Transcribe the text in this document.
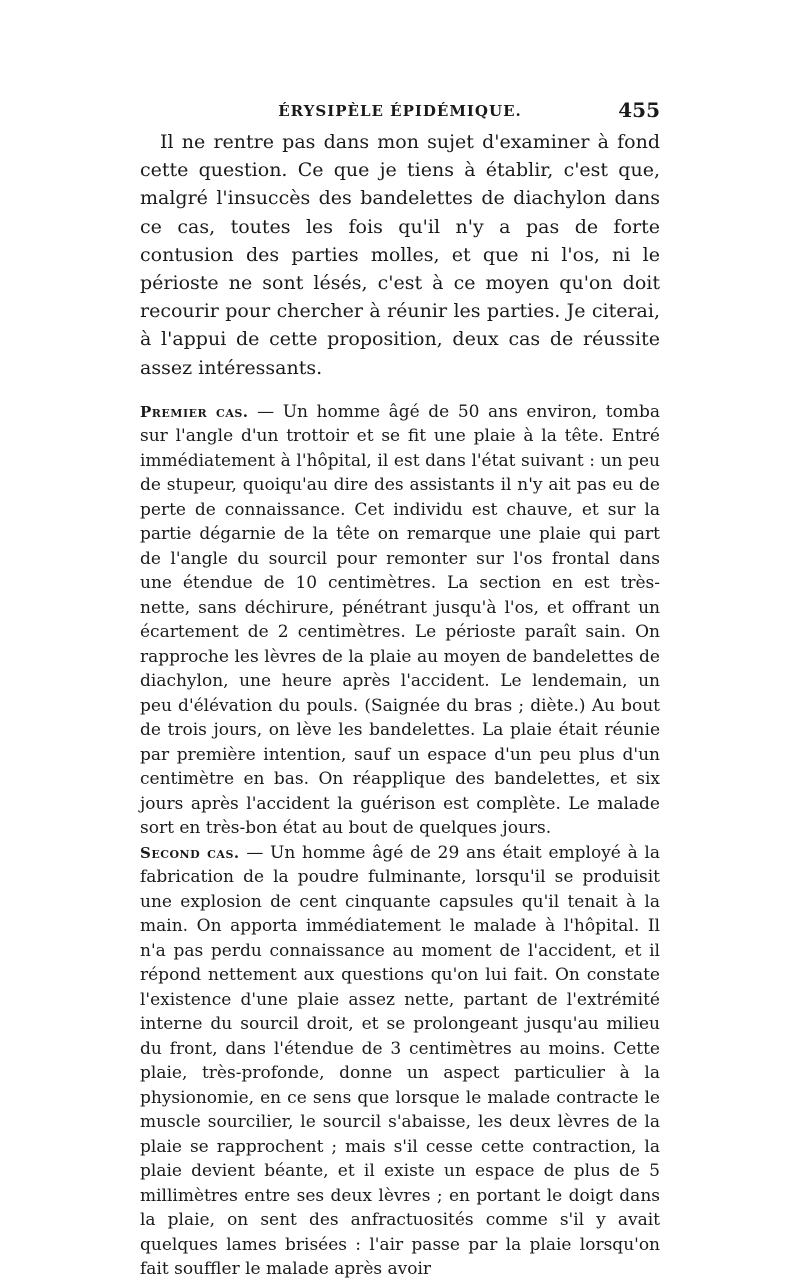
ÉRYSIPÈLE ÉPIDÉMIQUE.	455

Il ne rentre pas dans mon sujet d'examiner à fond cette question. Ce que je tiens à établir, c'est que, malgré l'insuccès des bandelettes de diachylon dans ce cas, toutes les fois qu'il n'y a pas de forte contusion des parties molles, et que ni l'os, ni le périoste ne sont lésés, c'est à ce moyen qu'on doit recourir pour chercher à réunir les parties. Je citerai, à l'appui de cette proposition, deux cas de réussite assez intéressants.

Premier cas. — Un homme âgé de 50 ans environ, tomba sur l'angle d'un trottoir et se fit une plaie à la tête. Entré immédiatement à l'hôpital, il est dans l'état suivant : un peu de stupeur, quoiqu'au dire des assistants il n'y ait pas eu de perte de connaissance. Cet individu est chauve, et sur la partie dégarnie de la tête on remarque une plaie qui part de l'angle du sourcil pour remonter sur l'os frontal dans une étendue de 10 centimètres. La section en est très-nette, sans déchirure, pénétrant jusqu'à l'os, et offrant un écartement de 2 centimètres. Le périoste paraît sain. On rapproche les lèvres de la plaie au moyen de bandelettes de diachylon, une heure après l'accident. Le lendemain, un peu d'élévation du pouls. (Saignée du bras ; diète.) Au bout de trois jours, on lève les bandelettes. La plaie était réunie par première intention, sauf un espace d'un peu plus d'un centimètre en bas. On réapplique des bandelettes, et six jours après l'accident la guérison est complète. Le malade sort en très-bon état au bout de quelques jours.

Second cas. — Un homme âgé de 29 ans était employé à la fabrication de la poudre fulminante, lorsqu'il se produisit une explosion de cent cinquante capsules qu'il tenait à la main. On apporta immédiatement le malade à l'hôpital. Il n'a pas perdu connaissance au moment de l'accident, et il répond nettement aux questions qu'on lui fait. On constate l'existence d'une plaie assez nette, partant de l'extrémité interne du sourcil droit, et se prolongeant jusqu'au milieu du front, dans l'étendue de 3 centimètres au moins. Cette plaie, très-profonde, donne un aspect particulier à la physionomie, en ce sens que lorsque le malade contracte le muscle sourcilier, le sourcil s'abaisse, les deux lèvres de la plaie se rapprochent ; mais s'il cesse cette contraction, la plaie devient béante, et il existe un espace de plus de 5 millimètres entre ses deux lèvres ; en portant le doigt dans la plaie, on sent des anfractuosités comme s'il y avait quelques lames brisées : l'air passe par la plaie lorsqu'on fait souffler le malade après avoir
